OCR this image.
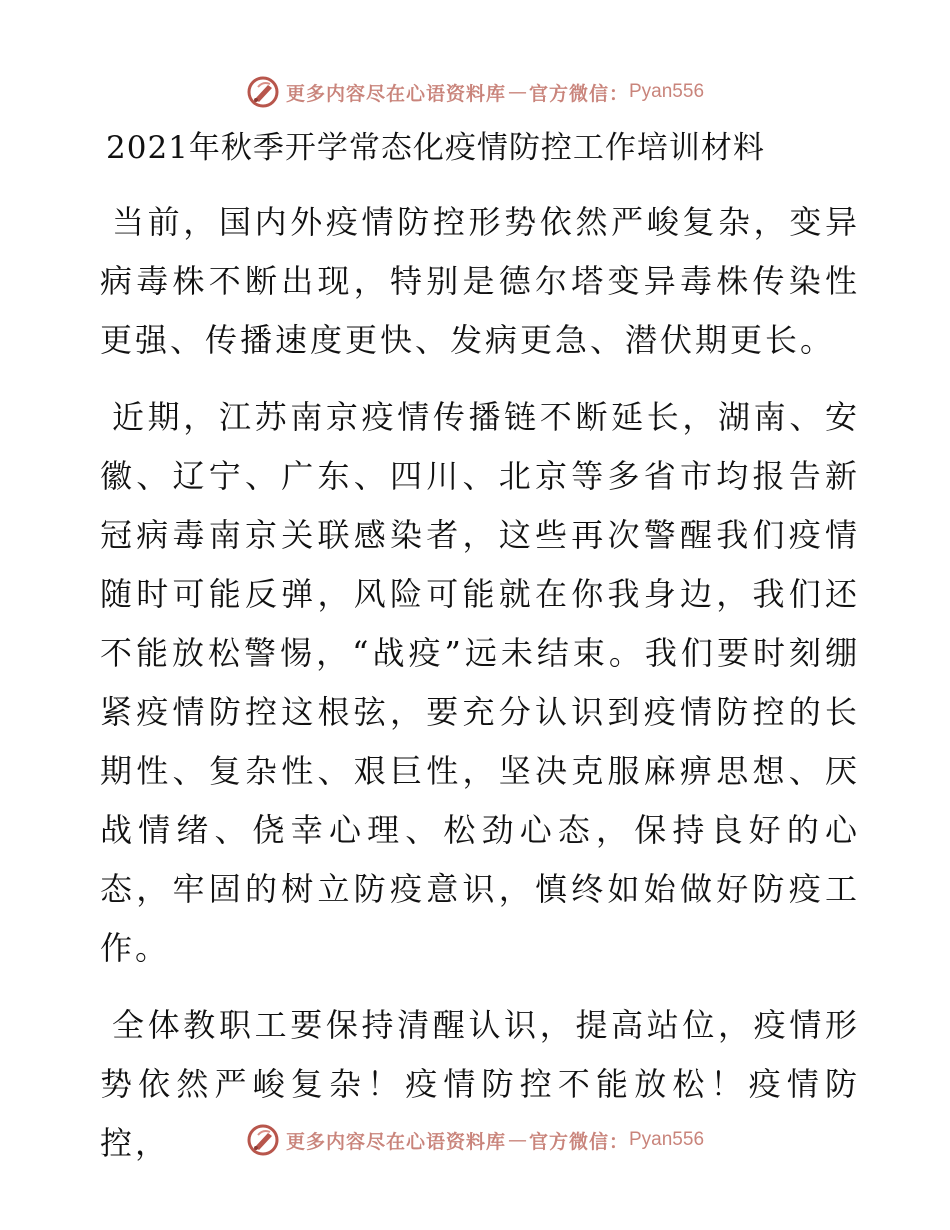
更多内容尽在心语资料库 — 官方微信： Pyan556
2021年秋季开学常态化疫情防控工作培训材料

当前，国内外疫情防控形势依然严峻复杂，变异病毒株不断出现，特别是德尔塔变异毒株传染性更强、传播速度更快、发病更急、潜伏期更长。

近期，江苏南京疫情传播链不断延长，湖南、安徽、辽宁、广东、四川、北京等多省市均报告新冠病毒南京关联感染者，这些再次警醒我们疫情随时可能反弹，风险可能就在你我身边，我们还不能放松警惕，“战疫”远未结束。我们要时刻绷紧疫情防控这根弦，要充分认识到疫情防控的长期性、复杂性、艰巨性，坚决克服麻痹思想、厌战情绪、侥幸心理、松劲心态，保持良好的心态，牢固的树立防疫意识，慎终如始做好防疫工作。

全体教职工要保持清醒认识，提高站位，疫情形势依然严峻复杂！疫情防控不能放松！疫情防控，	更多内容尽在心语资料库 — 官方微信： Pyan556
